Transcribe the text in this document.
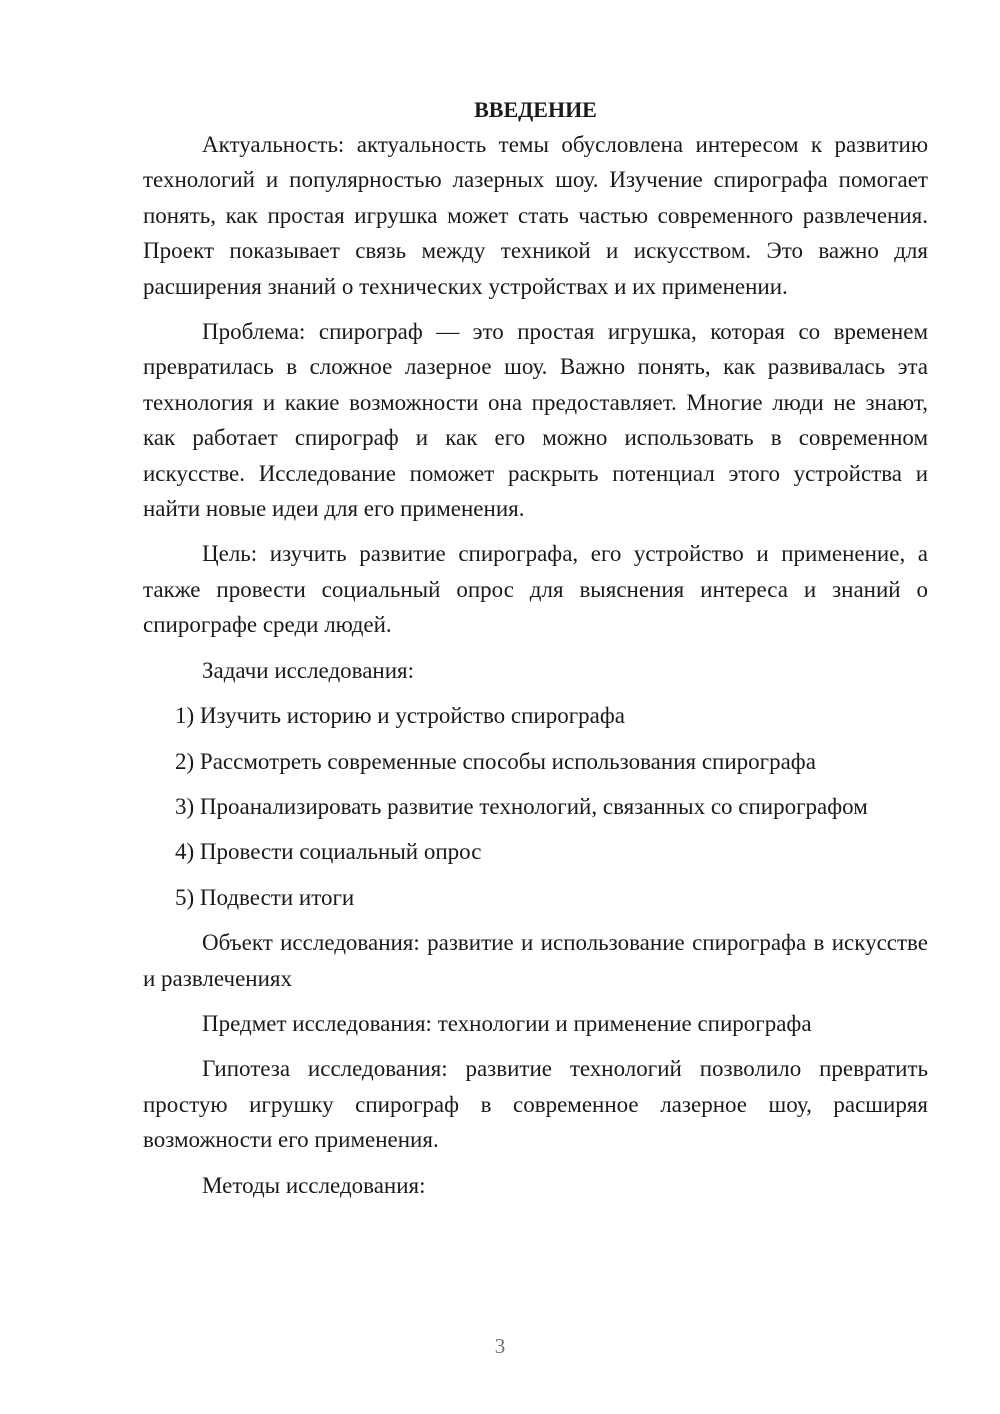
ВВЕДЕНИЕ

Актуальность: актуальность темы обусловлена интересом к развитию технологий и популярностью лазерных шоу. Изучение спирографа помогает понять, как простая игрушка может стать частью современного развлечения. Проект показывает связь между техникой и искусством. Это важно для расширения знаний о технических устройствах и их применении.

Проблема: спирограф — это простая игрушка, которая со временем превратилась в сложное лазерное шоу. Важно понять, как развивалась эта технология и какие возможности она предоставляет. Многие люди не знают, как работает спирограф и как его можно использовать в современном искусстве. Исследование поможет раскрыть потенциал этого устройства и найти новые идеи для его применения.

Цель: изучить развитие спирографа, его устройство и применение, а также провести социальный опрос для выяснения интереса и знаний о спирографе среди людей.

Задачи исследования:

1) Изучить историю и устройство спирографа

2) Рассмотреть современные способы использования спирографа

3) Проанализировать развитие технологий, связанных со спирографом

4) Провести социальный опрос

5) Подвести итоги

Объект исследования: развитие и использование спирографа в искусстве и развлечениях

Предмет исследования: технологии и применение спирографа

Гипотеза исследования: развитие технологий позволило превратить простую игрушку спирограф в современное лазерное шоу, расширяя возможности его применения.

Методы исследования:

3
